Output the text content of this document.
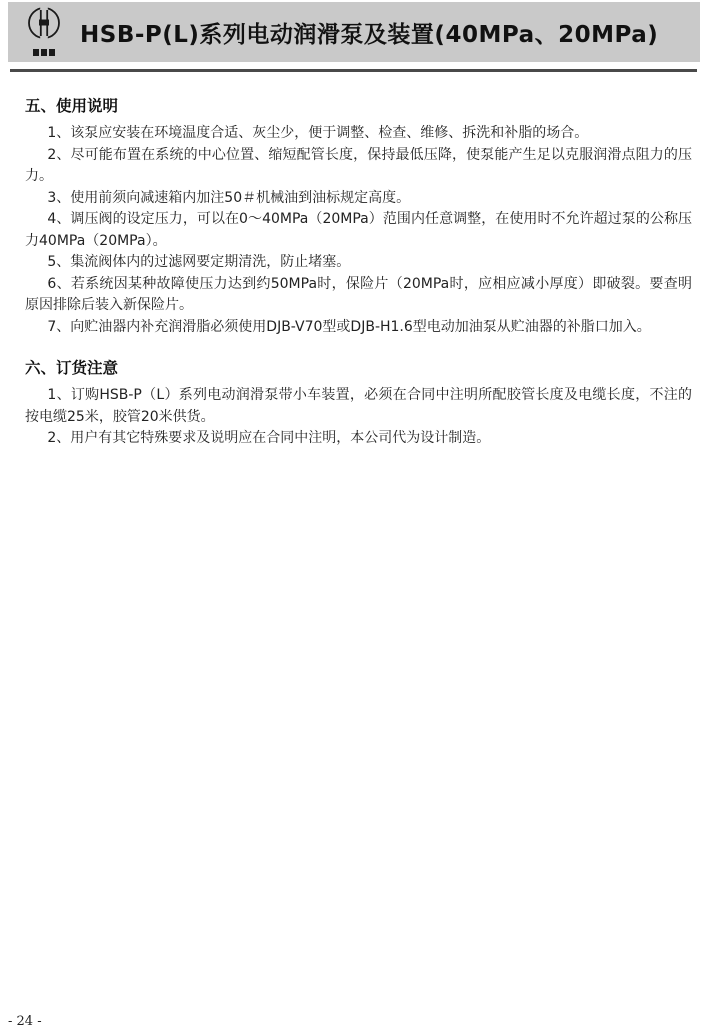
HSB-P(L)系列电动润滑泵及装置(40MPa、20MPa)
五、使用说明

1、该泵应安装在环境温度合适、灰尘少，便于调整、检查、维修、拆洗和补脂的场合。

2、尽可能布置在系统的中心位置、缩短配管长度，保持最低压降，使泵能产生足以克服润滑点阻力的压力。

3、使用前须向减速箱内加注50＃机械油到油标规定高度。

4、调压阀的设定压力，可以在0～40MPa（20MPa）范围内任意调整，在使用时不允许超过泵的公称压力40MPa（20MPa）。

5、集流阀体内的过滤网要定期清洗，防止堵塞。

6、若系统因某种故障使压力达到约50MPa时，保险片（20MPa时，应相应减小厚度）即破裂。要查明原因排除后装入新保险片。

7、向贮油器内补充润滑脂必须使用DJB-V70型或DJB-H1.6型电动加油泵从贮油器的补脂口加入。

六、订货注意

1、订购HSB-P（L）系列电动润滑泵带小车装置，必须在合同中注明所配胶管长度及电缆长度，不注的按电缆25米，胶管20米供货。

2、用户有其它特殊要求及说明应在合同中注明，本公司代为设计制造。

- 24 -
